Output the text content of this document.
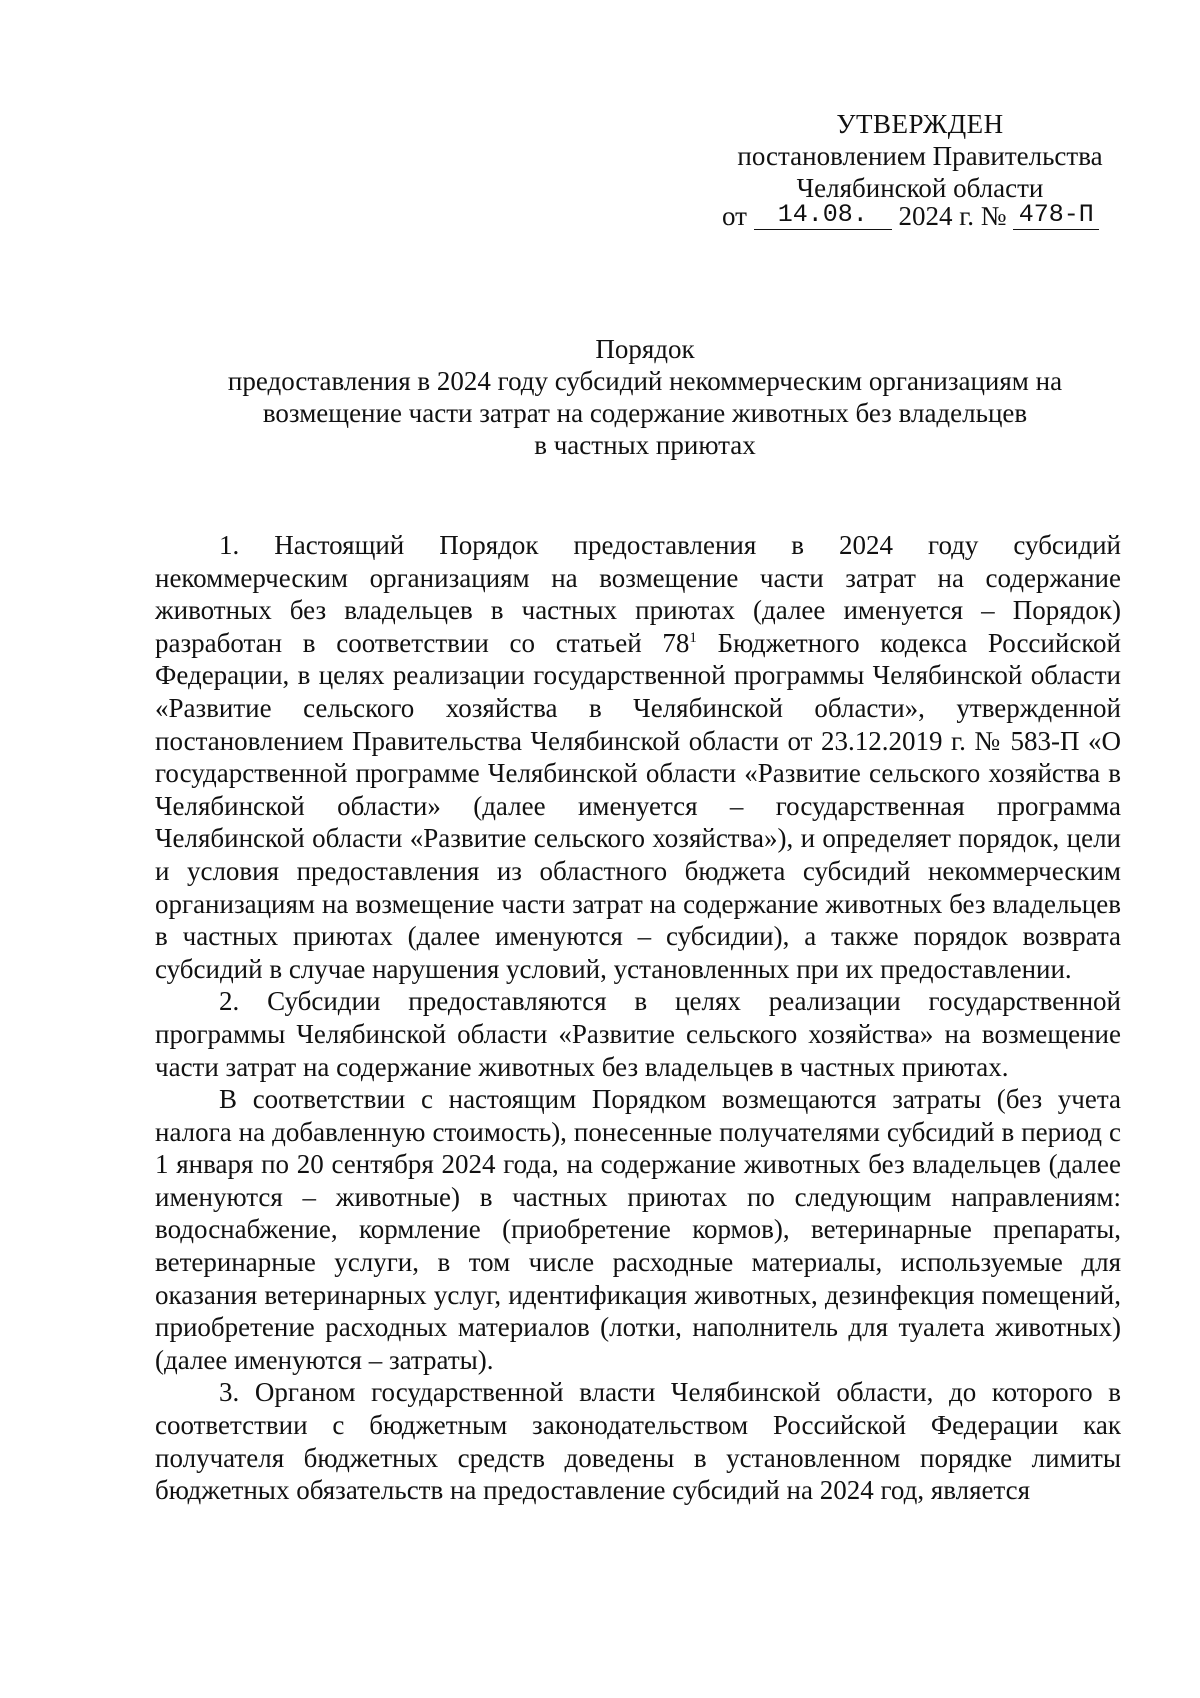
УТВЕРЖДЕН
постановлением Правительства
Челябинской области
от 14.08. 2024 г. № 478-П
Порядок
предоставления в 2024 году субсидий некоммерческим организациям на
возмещение части затрат на содержание животных без владельцев
в частных приютах

1. Настоящий Порядок предоставления в 2024 году субсидий некоммерческим организациям на возмещение части затрат на содержание животных без владельцев в частных приютах (далее именуется – Порядок) разработан в соответствии со статьей $78^1$ Бюджетного кодекса Российской Федерации, в целях реализации государственной программы Челябинской области «Развитие сельского хозяйства в Челябинской области», утвержденной постановлением Правительства Челябинской области от 23.12.2019 г. № 583-П «О государственной программе Челябинской области «Развитие сельского хозяйства в Челябинской области» (далее именуется – государственная программа Челябинской области «Развитие сельского хозяйства»), и определяет порядок, цели и условия предоставления из областного бюджета субсидий некоммерческим организациям на возмещение части затрат на содержание животных без владельцев в частных приютах (далее именуются – субсидии), а также порядок возврата субсидий в случае нарушения условий, установленных при их предоставлении.

2. Субсидии предоставляются в целях реализации государственной программы Челябинской области «Развитие сельского хозяйства» на возмещение части затрат на содержание животных без владельцев в частных приютах.

В соответствии с настоящим Порядком возмещаются затраты (без учета налога на добавленную стоимость), понесенные получателями субсидий в период с 1 января по 20 сентября 2024 года, на содержание животных без владельцев (далее именуются – животные) в частных приютах по следующим направлениям: водоснабжение, кормление (приобретение кормов), ветеринарные препараты, ветеринарные услуги, в том числе расходные материалы, используемые для оказания ветеринарных услуг, идентификация животных, дезинфекция помещений, приобретение расходных материалов (лотки, наполнитель для туалета животных) (далее именуются – затраты).

3. Органом государственной власти Челябинской области, до которого в соответствии с бюджетным законодательством Российской Федерации как получателя бюджетных средств доведены в установленном порядке лимиты бюджетных обязательств на предоставление субсидий на 2024 год, является
